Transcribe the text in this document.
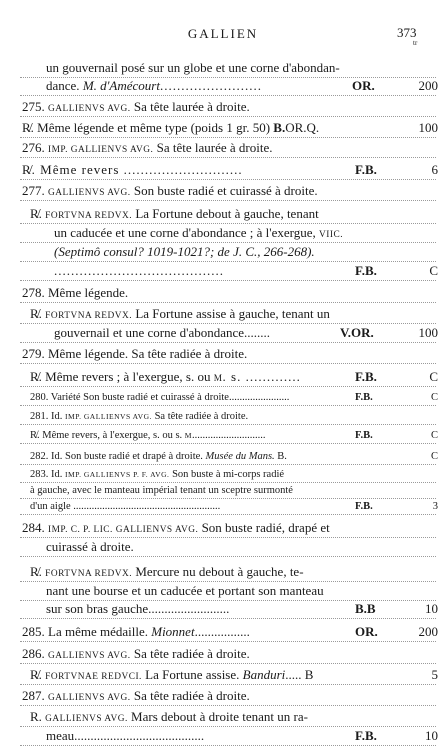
GALLIEN	373
tr
un gouvernail posé sur un globe et une corne d'abondan-
dance. M. d'Amécourt........................	OR.	200
275. GALLIENVS AVG. Sa tête laurée à droite.
R̸. Même légende et même type (poids 1 gr. 50) B.OR.Q.	100
276. IMP. GALLIENVS AVG. Sa tête laurée à droite.
R̸. Même revers ............................	F.B.	6
277. GALLIENVS AVG. Son buste radié et cuirassé à droite.
R̸. FORTVNA REDVX. La Fortune debout à gauche, tenant
un caducée et une corne d'abondance ; à l'exergue, VIIC.
(Septimô consul? 1019-1021?; de J. C., 266-268).
........................................	F.B.	C
278. Même légende.
R̸. FORTVNA REDVX. La Fortune assise à gauche, tenant un
gouvernail et une corne d'abondance........	V.OR.	100
279. Même légende. Sa tête radiée à droite.
R̸. Même revers ; à l'exergue, s. ou M. s. .............	F.B.	C
280. Variété Son buste radié et cuirassé à droite.......................	F.B.	C
281. Id. IMP. GALLIENVS AVG. Sa tête radiée à droite.
R̸. Même revers, à l'exergue, s. ou s. M............................	F.B.	C
282. Id. Son buste radié et drapé à droite. Musée du Mans. B.	C
283. Id. IMP. GALLIENVS P. F. AVG. Son buste à mi-corps radié
à gauche, avec le manteau impérial tenant un sceptre surmonté
d'un aigle ........................................................	F.B.	3
284. IMP. C. P. LIC. GALLIENVS AVG. Son buste radié, drapé et
cuirassé à droite.
R̸. FORTVNA REDVX. Mercure nu debout à gauche, te-
nant une bourse et un caducée et portant son manteau
sur son bras gauche.........................	B.B	10
285. La même médaille. Mionnet.................	OR.	200
286. GALLIENVS AVG. Sa tête radiée à droite.
R̸. FORTVNAE REDVCI. La Fortune assise. Banduri..... B	5
287. GALLIENVS AVG. Sa tête radiée à droite.
R. GALLIENVS AVG. Mars debout à droite tenant un ra-
meau........................................	F.B.	10
